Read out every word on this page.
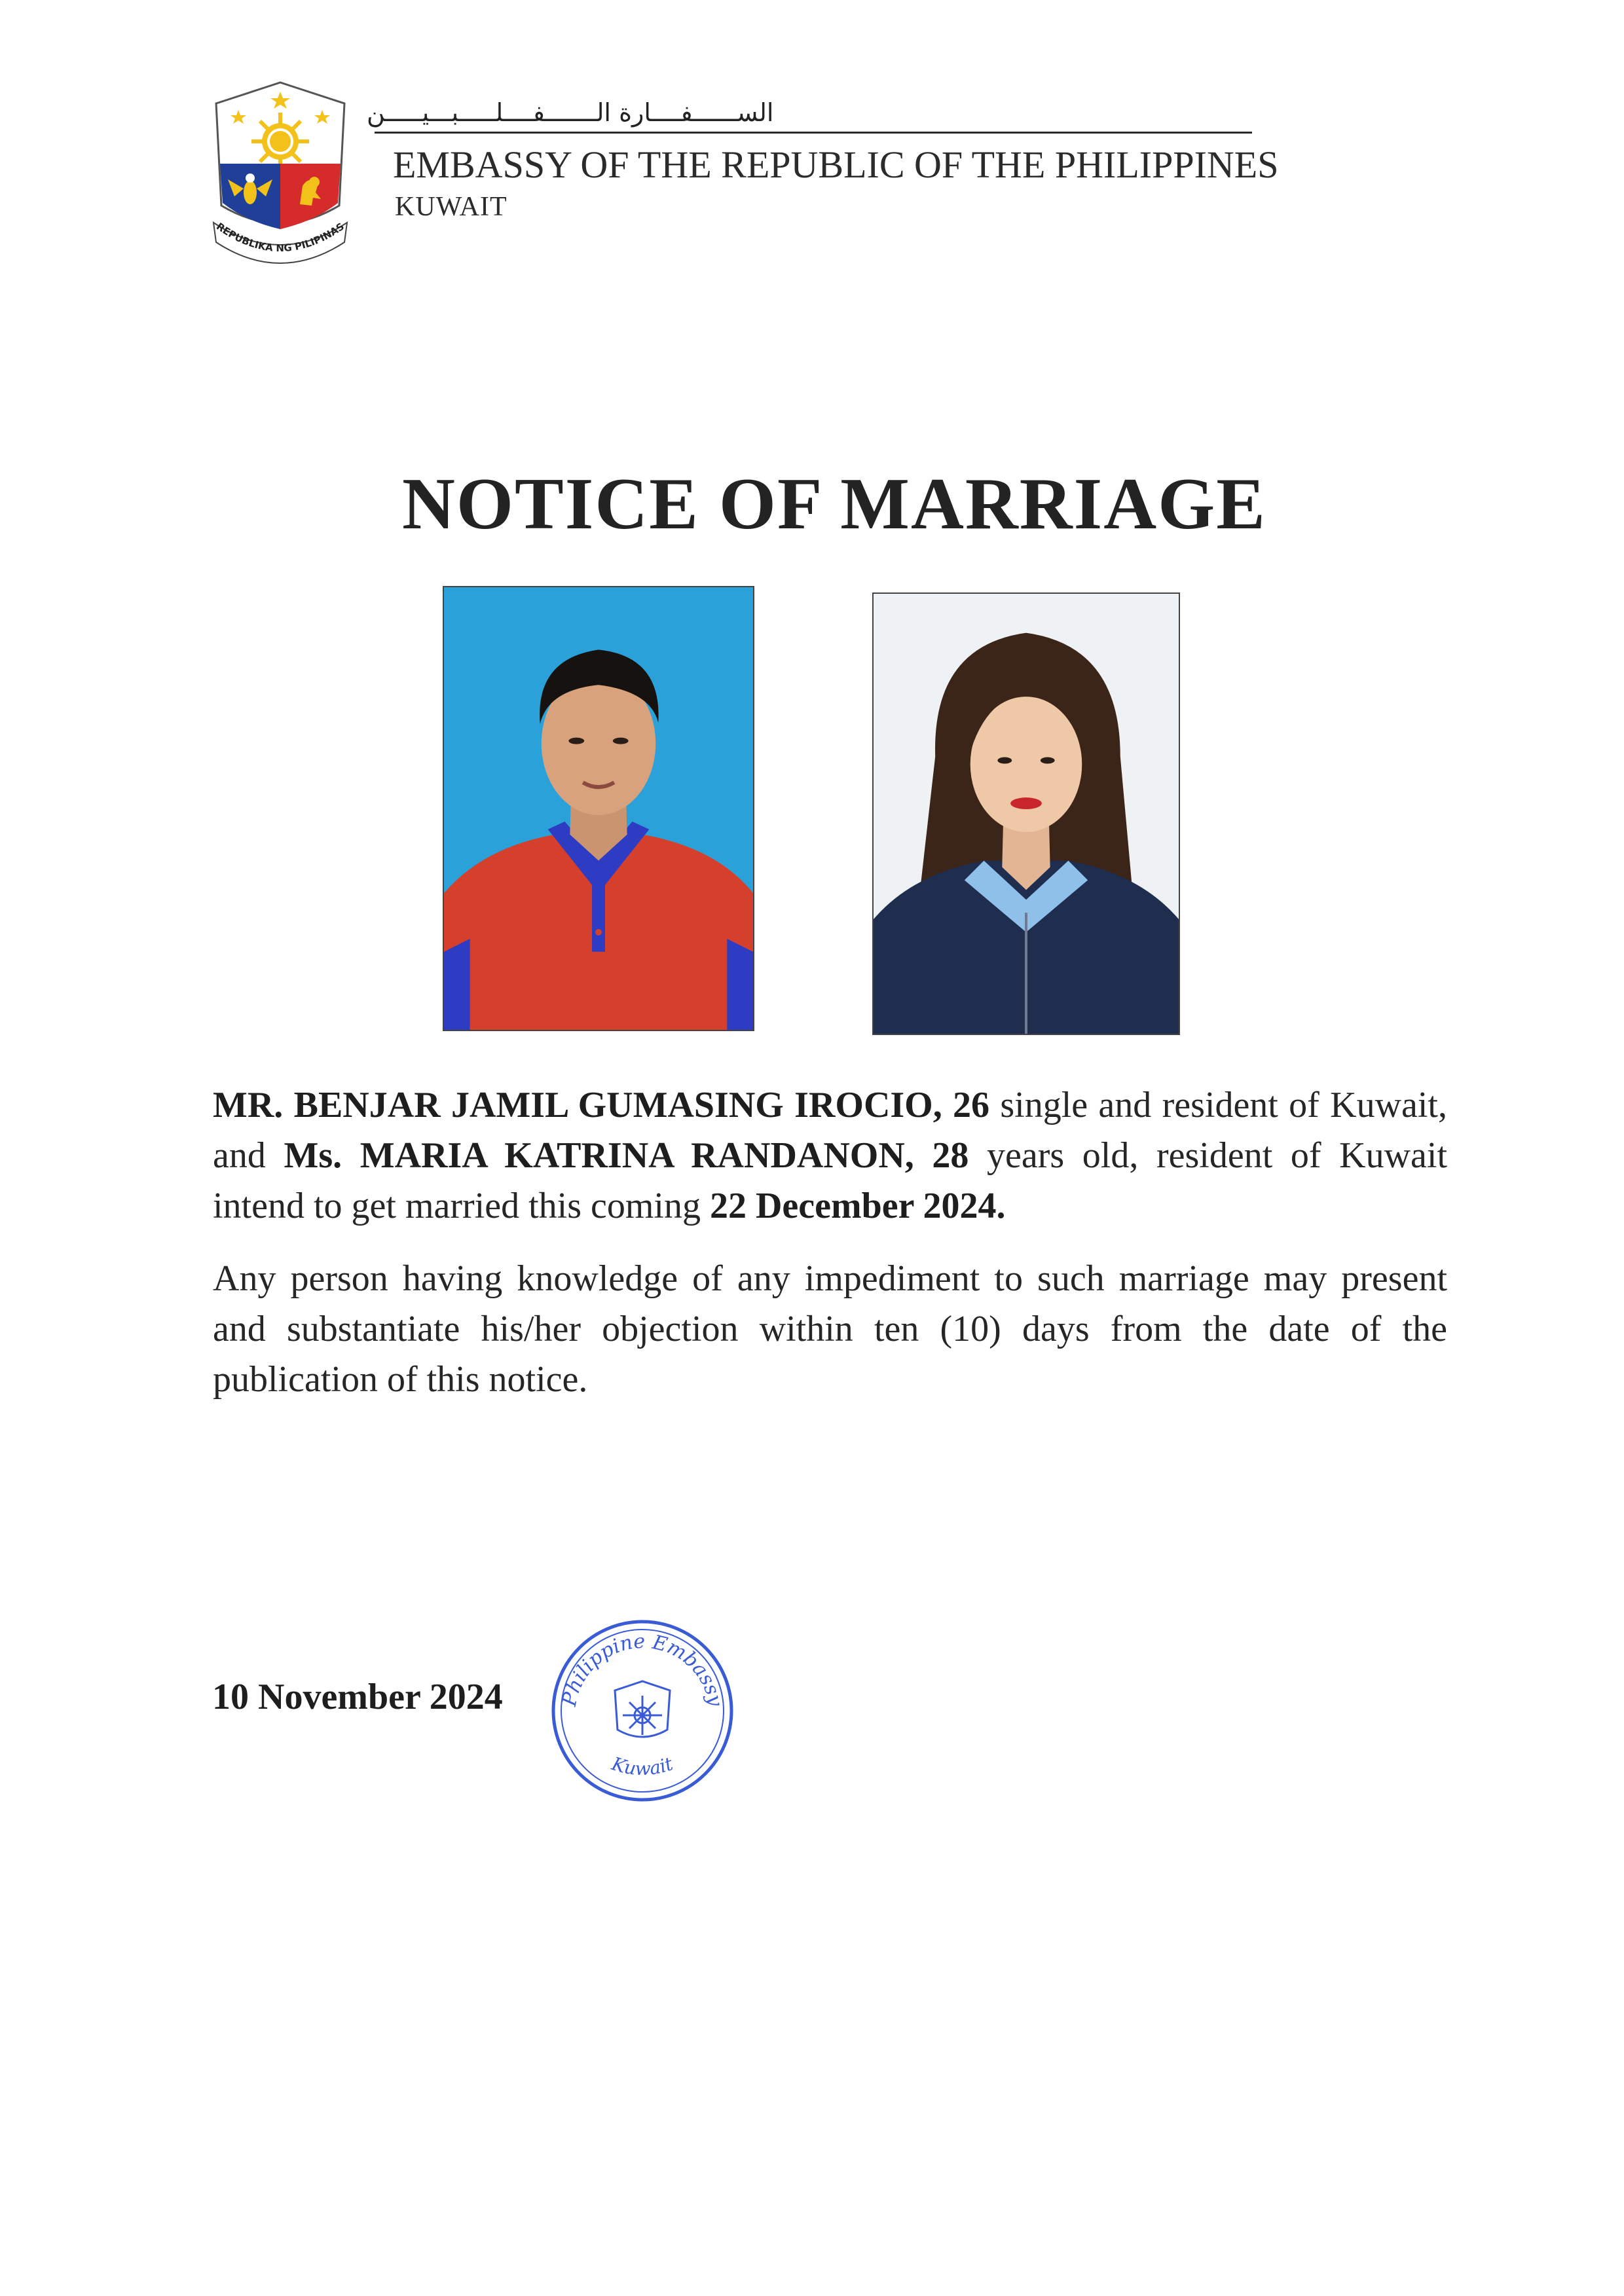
REPUBLIKA NG PILIPINAS
الســــــفــــارة الـــــــفــــلـــــبـــيـــــن
EMBASSY OF THE REPUBLIC OF THE PHILIPPINES
KUWAIT
NOTICE OF MARRIAGE
MR. BENJAR JAMIL GUMASING IROCIO, 26 single and resident of Kuwait, and Ms. MARIA KATRINA RANDANON, 28 years old, resident of Kuwait intend to get married this coming 22 December 2024.
Any person having knowledge of any impediment to such marriage may present and substantiate his/her objection within ten (10) days from the date of the publication of this notice.
10 November 2024	Philippine Embassy
Kuwait
